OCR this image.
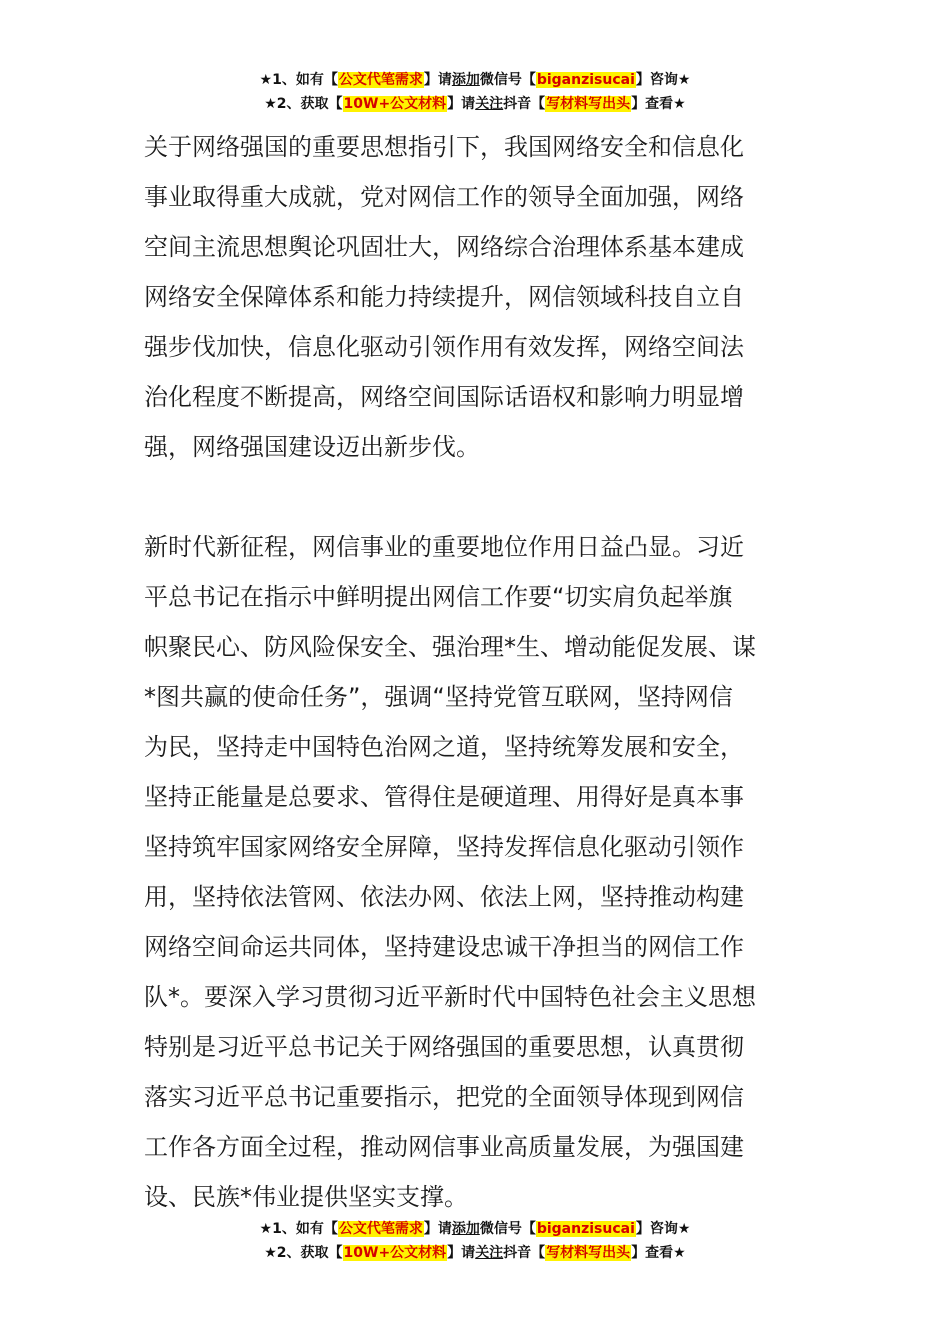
★1、如有【公文代笔需求】请添加微信号【biganzisucai】咨询★
★2、获取【10W+公文材料】请关注抖音【写材料写出头】查看★
关于网络强国的重要思想指引下，我国网络安全和信息化
事业取得重大成就，党对网信工作的领导全面加强，网络
空间主流思想舆论巩固壮大，网络综合治理体系基本建成
网络安全保障体系和能力持续提升，网信领域科技自立自
强步伐加快，信息化驱动引领作用有效发挥，网络空间法
治化程度不断提高，网络空间国际话语权和影响力明显增
强，网络强国建设迈出新步伐。
新时代新征程，网信事业的重要地位作用日益凸显。习近
平总书记在指示中鲜明提出网信工作要“切实肩负起举旗
帜聚民心、防风险保安全、强治理*生、增动能促发展、谋
*图共赢的使命任务”，强调“坚持党管互联网，坚持网信
为民，坚持走中国特色治网之道，坚持统筹发展和安全，
坚持正能量是总要求、管得住是硬道理、用得好是真本事
坚持筑牢国家网络安全屏障，坚持发挥信息化驱动引领作
用，坚持依法管网、依法办网、依法上网，坚持推动构建
网络空间命运共同体，坚持建设忠诚干净担当的网信工作
队*。要深入学习贯彻习近平新时代中国特色社会主义思想
特别是习近平总书记关于网络强国的重要思想，认真贯彻
落实习近平总书记重要指示，把党的全面领导体现到网信
工作各方面全过程，推动网信事业高质量发展，为强国建
设、民族*伟业提供坚实支撑。
★1、如有【公文代笔需求】请添加微信号【biganzisucai】咨询★
★2、获取【10W+公文材料】请关注抖音【写材料写出头】查看★
